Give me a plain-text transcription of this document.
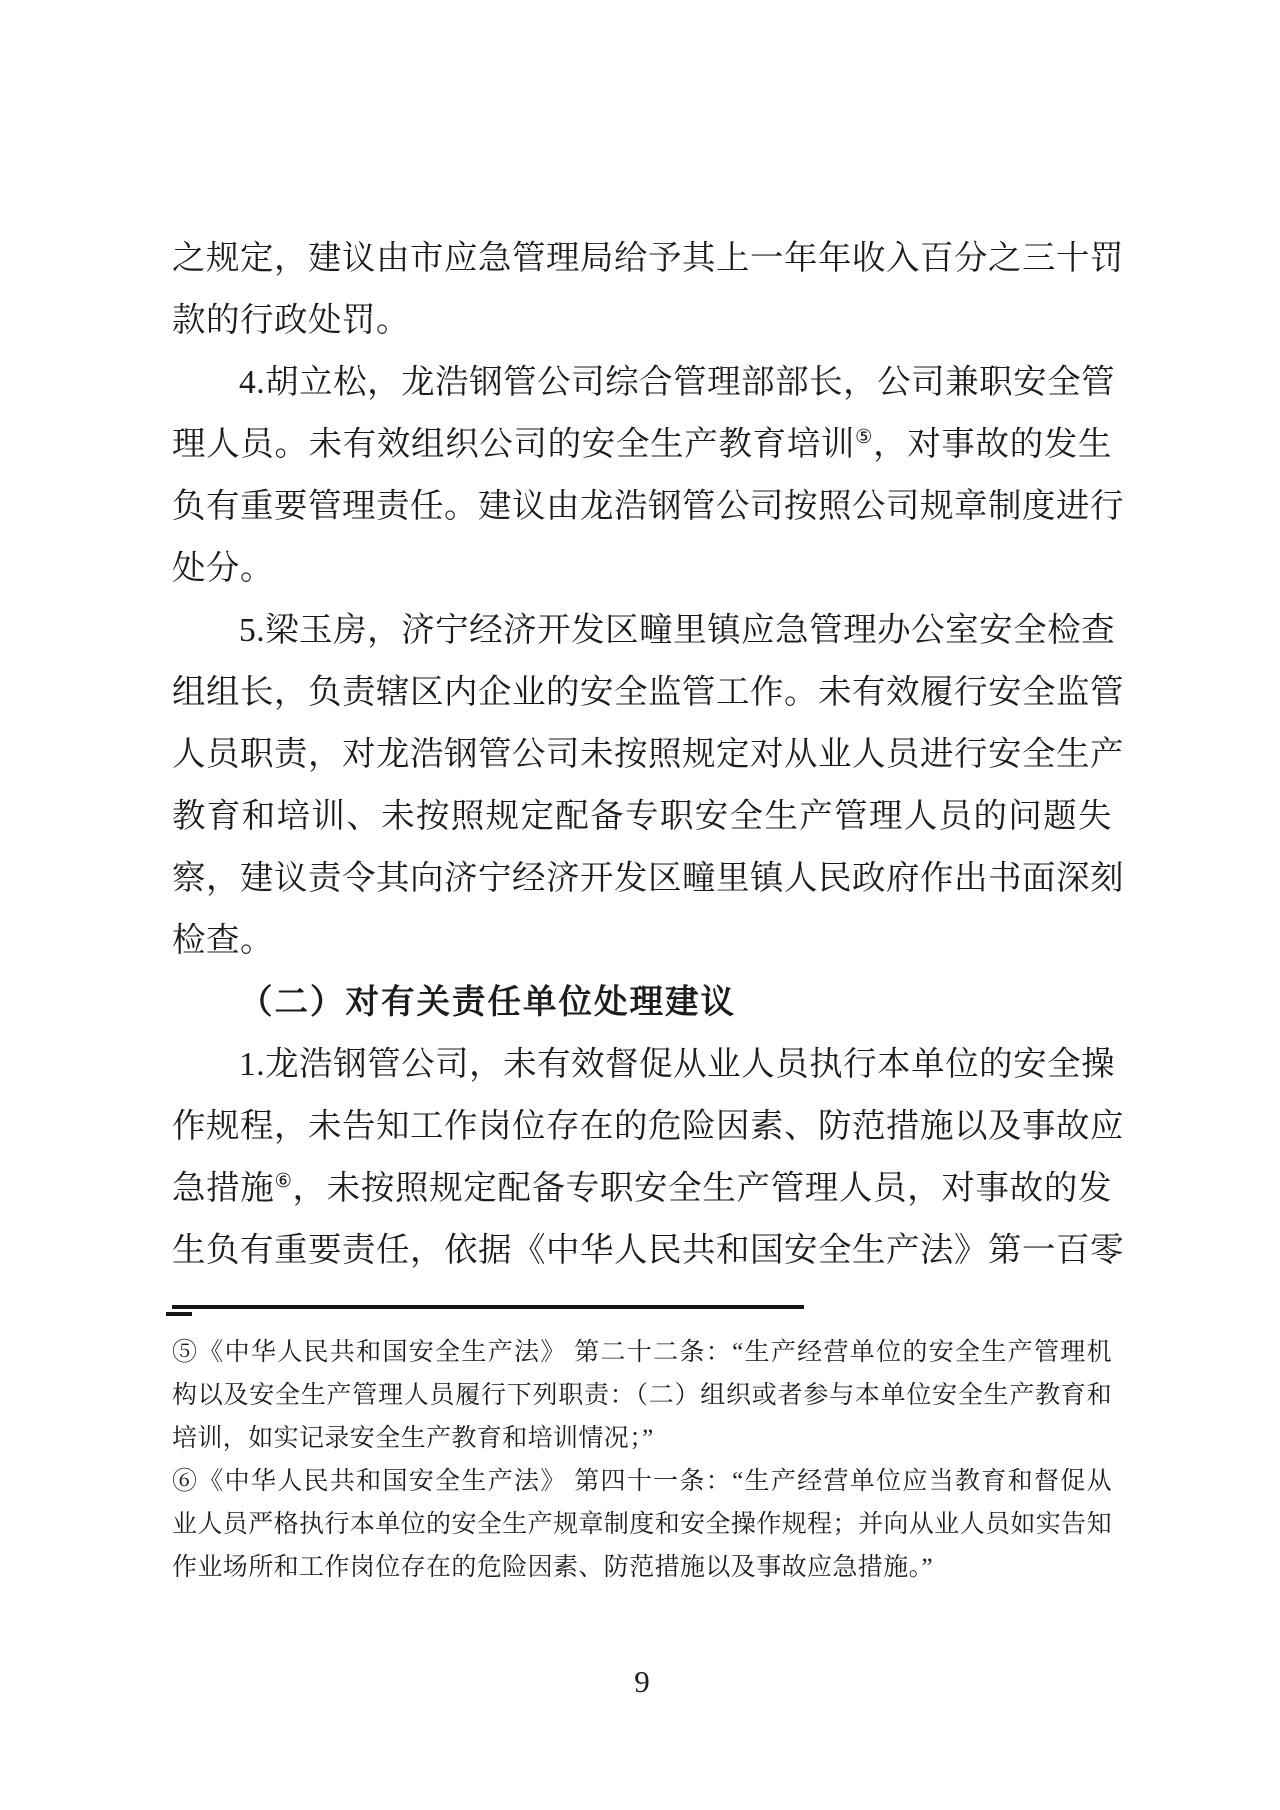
之规定，建议由市应急管理局给予其上一年年收入百分之三十罚
款的行政处罚。
4.胡立松，龙浩钢管公司综合管理部部长，公司兼职安全管
理人员。未有效组织公司的安全生产教育培训⑤，对事故的发生
负有重要管理责任。建议由龙浩钢管公司按照公司规章制度进行
处分。
5.梁玉房，济宁经济开发区疃里镇应急管理办公室安全检查
组组长，负责辖区内企业的安全监管工作。未有效履行安全监管
人员职责，对龙浩钢管公司未按照规定对从业人员进行安全生产
教育和培训、未按照规定配备专职安全生产管理人员的问题失
察，建议责令其向济宁经济开发区疃里镇人民政府作出书面深刻
检查。
（二）对有关责任单位处理建议
1.龙浩钢管公司，未有效督促从业人员执行本单位的安全操
作规程，未告知工作岗位存在的危险因素、防范措施以及事故应
急措施⑥，未按照规定配备专职安全生产管理人员，对事故的发
生负有重要责任，依据《中华人民共和国安全生产法》第一百零
⑤《中华人民共和国安全生产法》 第二十二条：“生产经营单位的安全生产管理机
构以及安全生产管理人员履行下列职责：（二）组织或者参与本单位安全生产教育和
培训，如实记录安全生产教育和培训情况；”
⑥《中华人民共和国安全生产法》 第四十一条：“生产经营单位应当教育和督促从
业人员严格执行本单位的安全生产规章制度和安全操作规程；并向从业人员如实告知
作业场所和工作岗位存在的危险因素、防范措施以及事故应急措施。”
9
